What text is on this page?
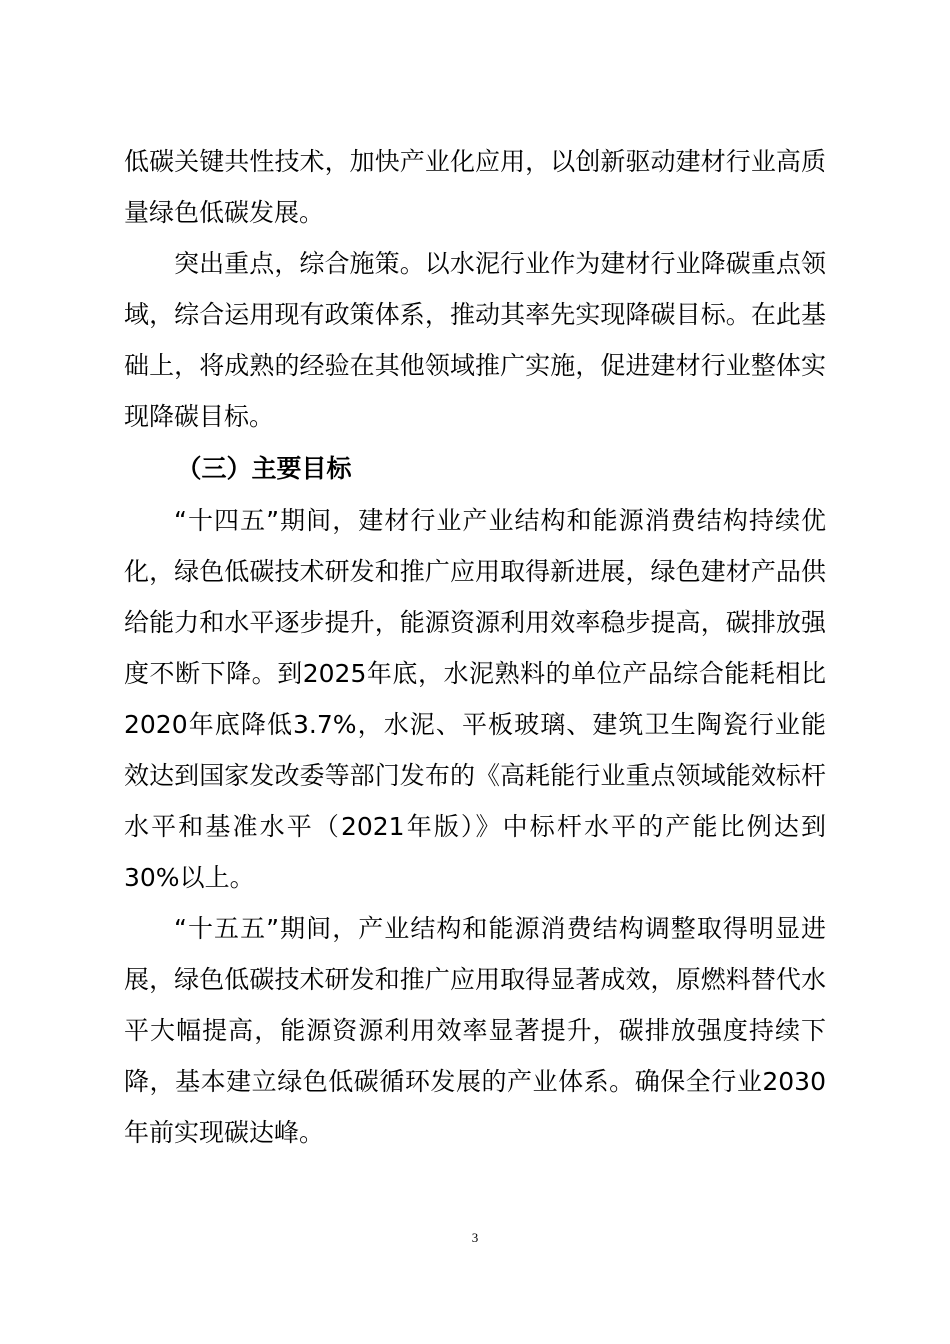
低碳关键共性技术，加快产业化应用，以创新驱动建材行业高质量绿色低碳发展。

突出重点，综合施策。以水泥行业作为建材行业降碳重点领域，综合运用现有政策体系，推动其率先实现降碳目标。在此基础上，将成熟的经验在其他领域推广实施，促进建材行业整体实现降碳目标。

（三）主要目标

“十四五”期间，建材行业产业结构和能源消费结构持续优化，绿色低碳技术研发和推广应用取得新进展，绿色建材产品供给能力和水平逐步提升，能源资源利用效率稳步提高，碳排放强度不断下降。到2025年底，水泥熟料的单位产品综合能耗相比2020年底降低3.7%，水泥、平板玻璃、建筑卫生陶瓷行业能效达到国家发改委等部门发布的《高耗能行业重点领域能效标杆水平和基准水平（2021年版）》中标杆水平的产能比例达到30%以上。

“十五五”期间，产业结构和能源消费结构调整取得明显进展，绿色低碳技术研发和推广应用取得显著成效，原燃料替代水平大幅提高，能源资源利用效率显著提升，碳排放强度持续下降，基本建立绿色低碳循环发展的产业体系。确保全行业2030年前实现碳达峰。

3
